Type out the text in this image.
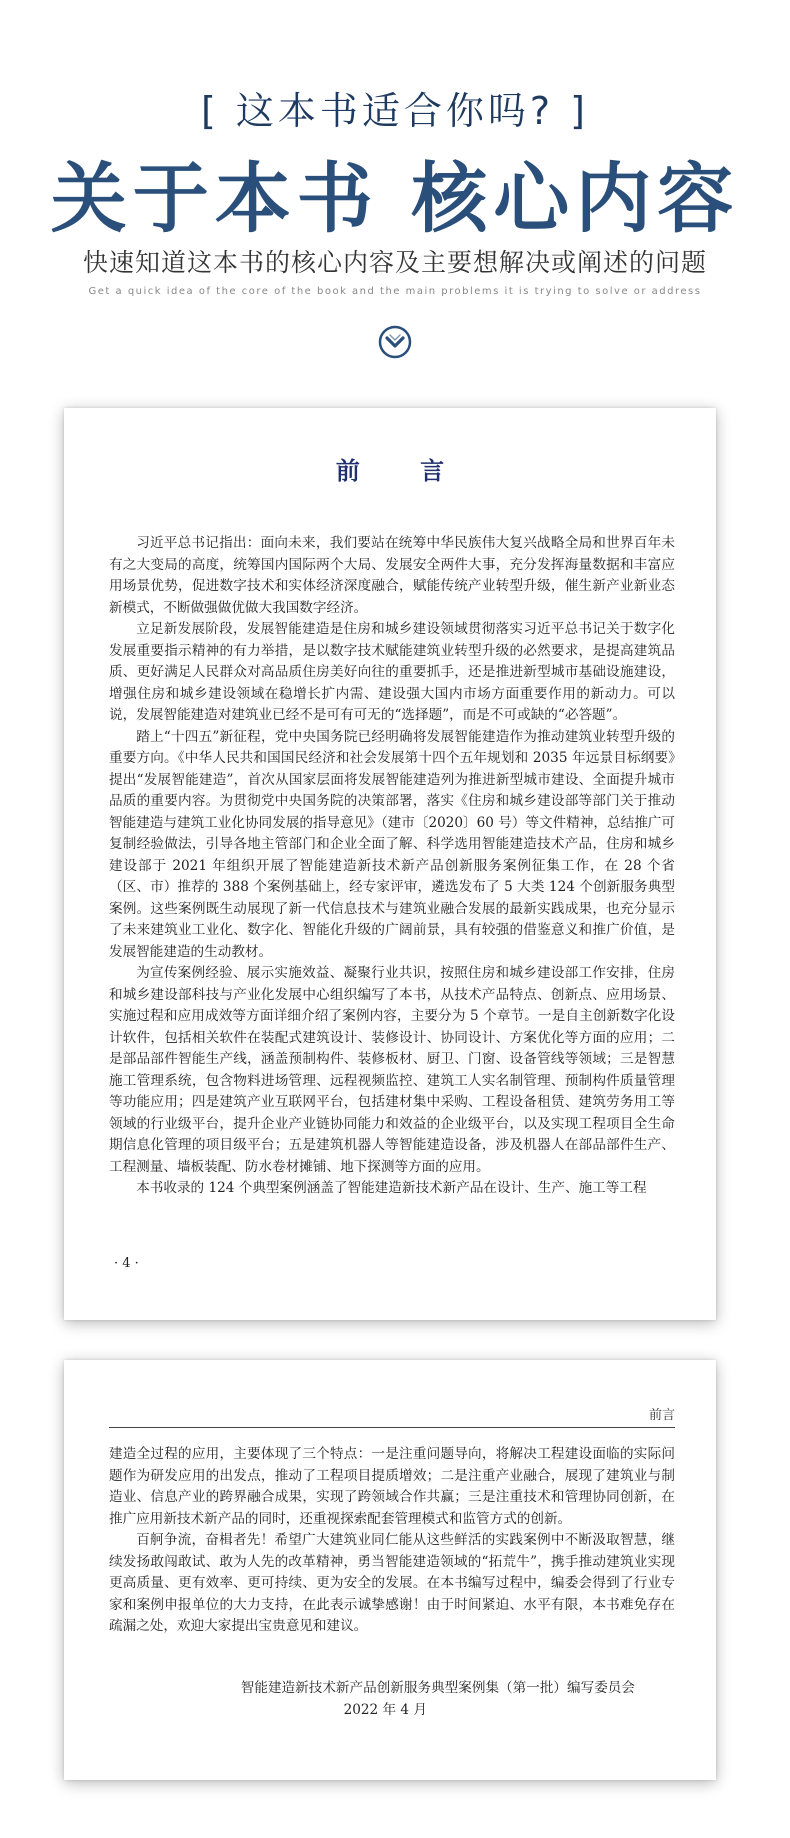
[ 这本书适合你吗? ]
关于本书 核心内容
快速知道这本书的核心内容及主要想解决或阐述的问题
Get a quick idea of the core of the book and the main problems it is trying to solve or address
前 言

习近平总书记指出：面向未来，我们要站在统筹中华民族伟大复兴战略全局和世界百年未有之大变局的高度，统筹国内国际两个大局、发展安全两件大事，充分发挥海量数据和丰富应用场景优势，促进数字技术和实体经济深度融合，赋能传统产业转型升级，催生新产业新业态新模式，不断做强做优做大我国数字经济。

立足新发展阶段，发展智能建造是住房和城乡建设领域贯彻落实习近平总书记关于数字化发展重要指示精神的有力举措，是以数字技术赋能建筑业转型升级的必然要求，是提高建筑品质、更好满足人民群众对高品质住房美好向往的重要抓手，还是推进新型城市基础设施建设，增强住房和城乡建设领域在稳增长扩内需、建设强大国内市场方面重要作用的新动力。可以说，发展智能建造对建筑业已经不是可有可无的“选择题”，而是不可或缺的“必答题”。

踏上“十四五”新征程，党中央国务院已经明确将发展智能建造作为推动建筑业转型升级的重要方向。《中华人民共和国国民经济和社会发展第十四个五年规划和 2035 年远景目标纲要》提出“发展智能建造”，首次从国家层面将发展智能建造列为推进新型城市建设、全面提升城市品质的重要内容。为贯彻党中央国务院的决策部署，落实《住房和城乡建设部等部门关于推动智能建造与建筑工业化协同发展的指导意见》（建市〔2020〕60 号）等文件精神，总结推广可复制经验做法，引导各地主管部门和企业全面了解、科学选用智能建造技术产品，住房和城乡建设部于 2021 年组织开展了智能建造新技术新产品创新服务案例征集工作，在 28 个省（区、市）推荐的 388 个案例基础上，经专家评审，遴选发布了 5 大类 124 个创新服务典型案例。这些案例既生动展现了新一代信息技术与建筑业融合发展的最新实践成果，也充分显示了未来建筑业工业化、数字化、智能化升级的广阔前景，具有较强的借鉴意义和推广价值，是发展智能建造的生动教材。

为宣传案例经验、展示实施效益、凝聚行业共识，按照住房和城乡建设部工作安排，住房和城乡建设部科技与产业化发展中心组织编写了本书，从技术产品特点、创新点、应用场景、实施过程和应用成效等方面详细介绍了案例内容，主要分为 5 个章节。一是自主创新数字化设计软件，包括相关软件在装配式建筑设计、装修设计、协同设计、方案优化等方面的应用；二是部品部件智能生产线，涵盖预制构件、装修板材、厨卫、门窗、设备管线等领域；三是智慧施工管理系统，包含物料进场管理、远程视频监控、建筑工人实名制管理、预制构件质量管理等功能应用；四是建筑产业互联网平台，包括建材集中采购、工程设备租赁、建筑劳务用工等领域的行业级平台，提升企业产业链协同能力和效益的企业级平台，以及实现工程项目全生命期信息化管理的项目级平台；五是建筑机器人等智能建造设备，涉及机器人在部品部件生产、工程测量、墙板装配、防水卷材摊铺、地下探测等方面的应用。

本书收录的 124 个典型案例涵盖了智能建造新技术新产品在设计、生产、施工等工程

· 4 ·
前言

建造全过程的应用，主要体现了三个特点：一是注重问题导向，将解决工程建设面临的实际问题作为研发应用的出发点，推动了工程项目提质增效；二是注重产业融合，展现了建筑业与制造业、信息产业的跨界融合成果，实现了跨领域合作共赢；三是注重技术和管理协同创新，在推广应用新技术新产品的同时，还重视探索配套管理模式和监管方式的创新。

百舸争流，奋楫者先！希望广大建筑业同仁能从这些鲜活的实践案例中不断汲取智慧，继续发扬敢闯敢试、敢为人先的改革精神，勇当智能建造领域的“拓荒牛”，携手推动建筑业实现更高质量、更有效率、更可持续、更为安全的发展。在本书编写过程中，编委会得到了行业专家和案例申报单位的大力支持，在此表示诚挚感谢！由于时间紧迫、水平有限，本书难免存在疏漏之处，欢迎大家提出宝贵意见和建议。

智能建造新技术新产品创新服务典型案例集（第一批）编写委员会
2022 年 4 月
